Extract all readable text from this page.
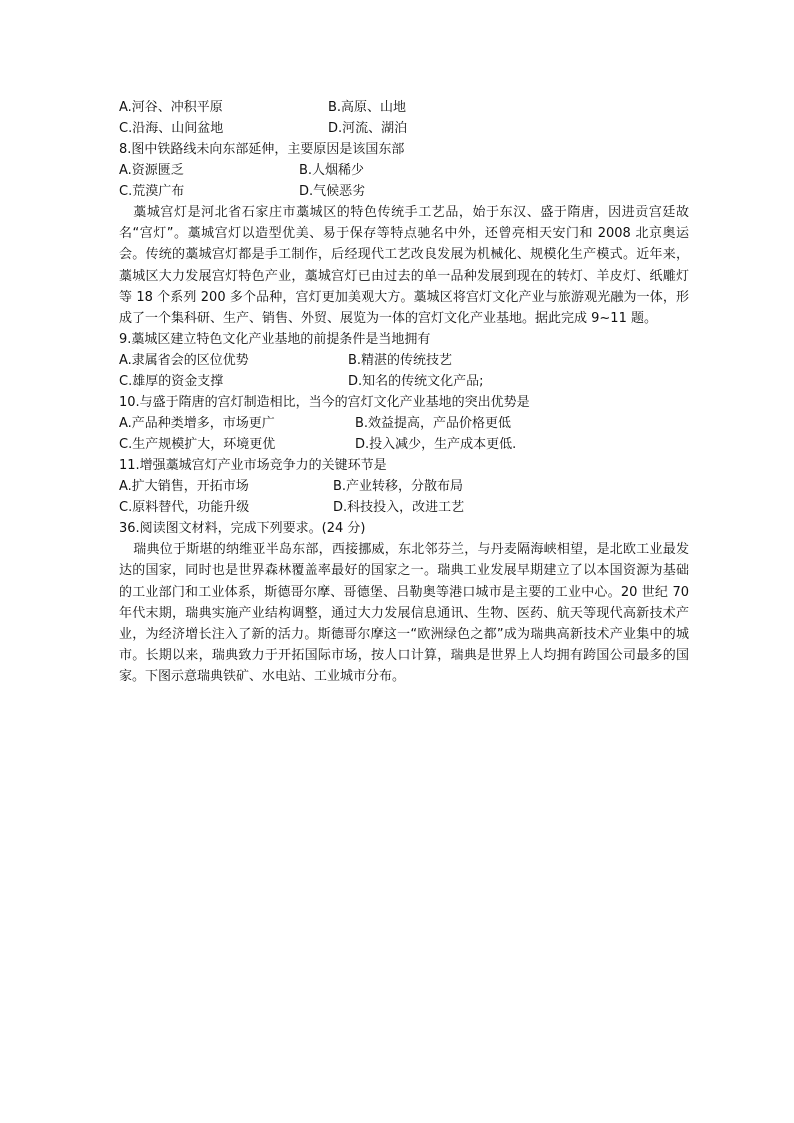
A.河谷、冲积平原	B.高原、山地
C.沿海、山间盆地	D.河流、湖泊
8.图中铁路线未向东部延伸，主要原因是该国东部
A.资源匮乏	B.人烟稀少
C.荒漠广布	D.气候恶劣

藁城宫灯是河北省石家庄市藁城区的特色传统手工艺品，始于东汉、盛于隋唐，因进贡宫廷故名“宫灯”。藁城宫灯以造型优美、易于保存等特点驰名中外，还曾亮相天安门和 2008 北京奥运会。传统的藁城宫灯都是手工制作，后经现代工艺改良发展为机械化、规模化生产模式。近年来，藁城区大力发展宫灯特色产业，藁城宫灯已由过去的单一品种发展到现在的转灯、羊皮灯、纸雕灯等 18 个系列 200 多个品种，宫灯更加美观大方。藁城区将宫灯文化产业与旅游观光融为一体，形成了一个集科研、生产、销售、外贸、展览为一体的宫灯文化产业基地。据此完成 9~11 题。

9.藁城区建立特色文化产业基地的前提条件是当地拥有
A.隶属省会的区位优势	B.精湛的传统技艺
C.雄厚的资金支撑	D.知名的传统文化产品;
10.与盛于隋唐的宫灯制造相比，当今的宫灯文化产业基地的突出优势是
A.产品种类增多，市场更广	B.效益提高，产品价格更低
C.生产规模扩大，环境更优	D.投入减少，生产成本更低.
11.增强藁城宫灯产业市场竞争力的关键环节是
A.扩大销售，开拓市场	B.产业转移，分散布局
C.原料替代，功能升级	D.科技投入，改进工艺
36.阅读图文材料，完成下列要求。(24 分)

瑞典位于斯堪的纳维亚半岛东部，西接挪威，东北邻芬兰，与丹麦隔海峡相望，是北欧工业最发达的国家，同时也是世界森林覆盖率最好的国家之一。瑞典工业发展早期建立了以本国资源为基础的工业部门和工业体系，斯德哥尔摩、哥德堡、吕勒奥等港口城市是主要的工业中心。20 世纪 70 年代末期，瑞典实施产业结构调整，通过大力发展信息通讯、生物、医药、航天等现代高新技术产业，为经济增长注入了新的活力。斯德哥尔摩这一“欧洲绿色之都”成为瑞典高新技术产业集中的城市。长期以来，瑞典致力于开拓国际市场，按人口计算，瑞典是世界上人均拥有跨国公司最多的国家。下图示意瑞典铁矿、水电站、工业城市分布。
